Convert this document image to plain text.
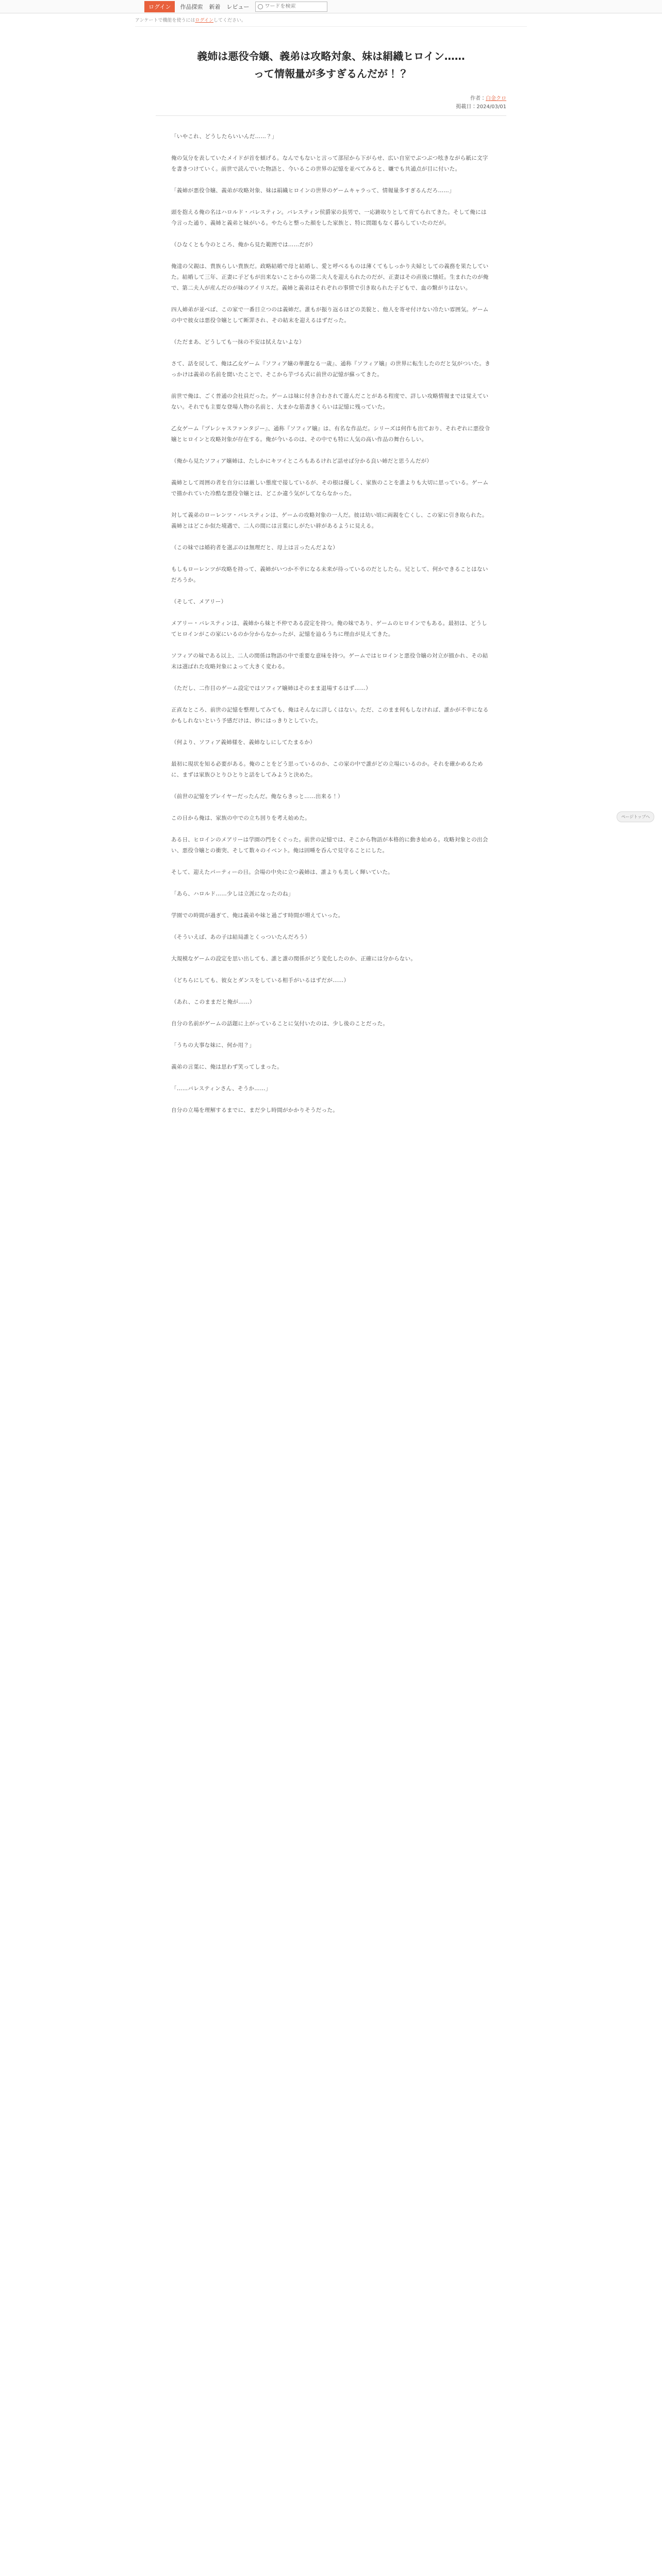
ログイン	作品探索 新着 レビュー
ワードを検索
アンケートで機能を使うにはログインしてください。
義姉は悪役令嬢、義弟は攻略対象、妹は絹織ヒロイン……
って情報量が多すぎるんだが！？
作者：白金クロ
掲載日：2024/03/01

「いやこれ、どうしたらいいんだ……？」

俺の気分を表していたメイドが首を傾げる。なんでもないと言って部屋から下がらせ、広い自室でぶつぶつ呟きながら紙に文字を書きつけていく。前世で読んでいた物語と、今いるこの世界の記憶を並べてみると、嫌でも共通点が目に付いた。

「義姉が悪役令嬢、義弟が攻略対象、妹は絹織ヒロインの世界のゲームキャラって、情報量多すぎるんだろ……」

頭を抱える俺の名はハロルド・バレスティン。バレスティン侯爵家の長男で、一応跡取りとして育てられてきた。そして俺には今言った通り、義姉と義弟と妹がいる。やたらと整った顔をした家族と、特に問題もなく暮らしていたのだが。

（ひなくとも今のところ、俺から見た範囲では……だが）

俺達の父親は、貴族らしい貴族だ。政略結婚で母と結婚し、愛と呼べるものは薄くてもしっかり夫婦としての義務を果たしていた。結婚して三年、正妻に子どもが出来ないことからの第二夫人を迎えられたのだが、正妻はその直後に懐妊。生まれたのが俺で、第二夫人が産んだのが妹のアイリスだ。義姉と義弟はそれぞれの事情で引き取られた子どもで、血の繋がりはない。

四人姉弟が並べば、この家で一番目立つのは義姉だ。誰もが振り返るほどの美貌と、他人を寄せ付けない冷たい雰囲気。ゲームの中で彼女は悪役令嬢として断罪され、その結末を迎えるはずだった。

（ただまあ、どうしても一抹の不安は拭えないよな）

さて、話を戻して、俺は乙女ゲーム『ソフィア嬢の華麗なる一歳』、通称『ソフィア嬢』の世界に転生したのだと気がついた。きっかけは義弟の名前を聞いたことで、そこから芋づる式に前世の記憶が蘇ってきた。

前世で俺は、ごく普通の会社員だった。ゲームは妹に付き合わされて遊んだことがある程度で、詳しい攻略情報までは覚えていない。それでも主要な登場人物の名前と、大まかな筋書きくらいは記憶に残っていた。

乙女ゲーム『プレシャスファンタジー』、通称『ソフィア嬢』は、有名な作品だ。シリーズは何作も出ており、それぞれに悪役令嬢とヒロインと攻略対象が存在する。俺が今いるのは、その中でも特に人気の高い作品の舞台らしい。

（俺から見たソフィア嬢姉は、たしかにキツイところもあるけれど話せば分かる良い姉だと思うんだが）

義姉として周囲の者を自分には厳しい態度で接しているが、その根は優しく、家族のことを誰よりも大切に思っている。ゲームで描かれていた冷酷な悪役令嬢とは、どこか違う気がしてならなかった。

対して義弟のローレンツ・バレスティンは、ゲームの攻略対象の一人だ。彼は幼い頃に両親を亡くし、この家に引き取られた。義姉とはどこか似た境遇で、二人の間には言葉にしがたい絆があるように見える。

（この妹では婚約者を選ぶのは無理だと、母上は言ったんだよな）

もしもローレンツが攻略を持って、義姉がいつか不幸になる未来が待っているのだとしたら。兄として、何かできることはないだろうか。

（そして、メアリー）

メアリー・バレスティンは、義姉から妹と不仲である設定を持つ。俺の妹であり、ゲームのヒロインでもある。最初は、どうしてヒロインがこの家にいるのか分からなかったが、記憶を辿るうちに理由が見えてきた。

ソフィアの妹である以上、二人の関係は物語の中で重要な意味を持つ。ゲームではヒロインと悪役令嬢の対立が描かれ、その結末は選ばれた攻略対象によって大きく変わる。

（ただし、二作目のゲーム設定ではソフィア嬢姉はそのまま退場するはず……）

正直なところ、前世の記憶を整理してみても、俺はそんなに詳しくはない。ただ、このまま何もしなければ、誰かが不幸になるかもしれないという予感だけは、妙にはっきりとしていた。

（何より、ソフィア義姉様を、義姉なしにしてたまるか）

最初に現状を知る必要がある。俺のことをどう思っているのか、この家の中で誰がどの立場にいるのか。それを確かめるために、まずは家族ひとりひとりと話をしてみようと決めた。

（前世の記憶をプレイヤーだったんだ。俺ならきっと……出来る！）

この日から俺は、家族の中での立ち回りを考え始めた。

ある日、ヒロインのメアリーは学園の門をくぐった。前世の記憶では、そこから物語が本格的に動き始める。攻略対象との出会い、悪役令嬢との衝突、そして数々のイベント。俺は固唾を呑んで見守ることにした。

そして、迎えたパーティーの日。会場の中央に立つ義姉は、誰よりも美しく輝いていた。

「あら、ハロルド……少しは立派になったのね」

学園での時間が過ぎて、俺は義弟や妹と過ごす時間が増えていった。

（そういえば、あの子は結局誰とくっついたんだろう）

大規模なゲームの設定を思い出しても、誰と誰の関係がどう変化したのか、正確には分からない。

（どちらにしても、彼女とダンスをしている相手がいるはずだが……）

（あれ、このままだと俺が……）

自分の名前がゲームの話題に上がっていることに気付いたのは、少し後のことだった。

「うちの大事な妹に、何か用？」

義弟の言葉に、俺は思わず笑ってしまった。

「……バレスティンさん、そうか……」

自分の立場を理解するまでに、まだ少し時間がかかりそうだった。

ページトップへ
